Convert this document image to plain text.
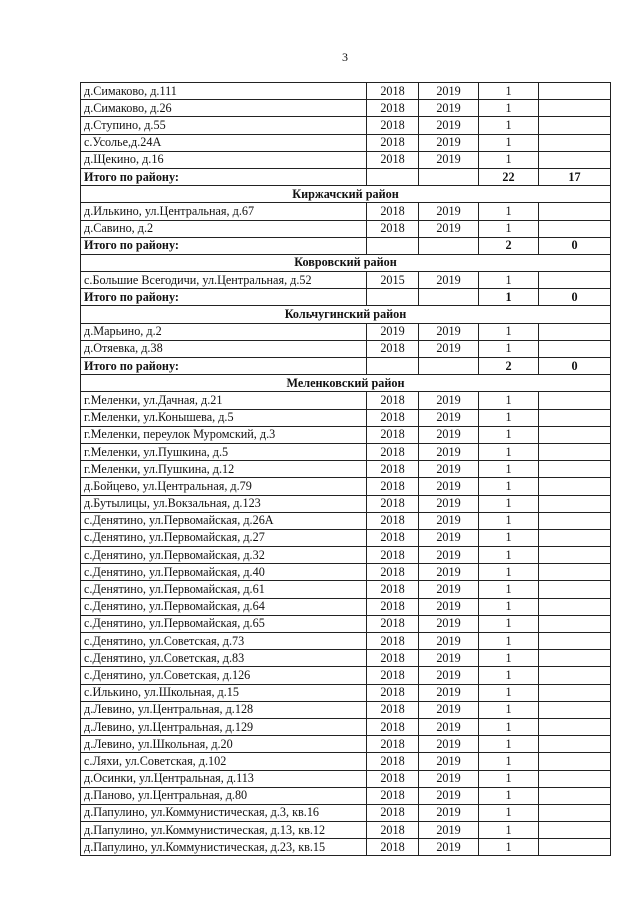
3
д.Симаково, д.111	2018	2019	1	
д.Симаково, д.26	2018	2019	1	
д.Ступино, д.55	2018	2019	1	
с.Усолье,д.24А	2018	2019	1	
д.Щекино, д.16	2018	2019	1	
Итого по району:			22	17
Киржачский район				
д.Илькино, ул.Центральная, д.67	2018	2019	1	
д.Савино, д.2	2018	2019	1	
Итого по району:			2	0
Ковровский район				
с.Большие Всегодичи, ул.Центральная, д.52	2015	2019	1	
Итого по району:			1	0
Кольчугинский район				
д.Марьино, д.2	2019	2019	1	
д.Отяевка, д.38	2018	2019	1	
Итого по району:			2	0
Меленковский район				
г.Меленки, ул.Дачная, д.21	2018	2019	1	
г.Меленки, ул.Конышева, д.5	2018	2019	1	
г.Меленки, переулок Муромский, д.3	2018	2019	1	
г.Меленки, ул.Пушкина, д.5	2018	2019	1	
г.Меленки, ул.Пушкина, д.12	2018	2019	1	
д.Бойцево, ул.Центральная, д.79	2018	2019	1	
д.Бутылицы, ул.Вокзальная, д.123	2018	2019	1	
с.Денятино, ул.Первомайская, д.26А	2018	2019	1	
с.Денятино, ул.Первомайская, д.27	2018	2019	1	
с.Денятино, ул.Первомайская, д.32	2018	2019	1	
с.Денятино, ул.Первомайская, д.40	2018	2019	1	
с.Денятино, ул.Первомайская, д.61	2018	2019	1	
с.Денятино, ул.Первомайская, д.64	2018	2019	1	
с.Денятино, ул.Первомайская, д.65	2018	2019	1	
с.Денятино, ул.Советская, д.73	2018	2019	1	
с.Денятино, ул.Советская, д.83	2018	2019	1	
с.Денятино, ул.Советская, д.126	2018	2019	1	
с.Илькино, ул.Школьная, д.15	2018	2019	1	
д.Левино, ул.Центральная, д.128	2018	2019	1	
д.Левино, ул.Центральная, д.129	2018	2019	1	
д.Левино, ул.Школьная, д.20	2018	2019	1	
с.Ляхи, ул.Советская, д.102	2018	2019	1	
д.Осинки, ул.Центральная, д.113	2018	2019	1	
д.Паново, ул.Центральная, д.80	2018	2019	1	
д.Папулино, ул.Коммунистическая, д.3, кв.16	2018	2019	1	
д.Папулино, ул.Коммунистическая, д.13, кв.12	2018	2019	1	
д.Папулино, ул.Коммунистическая, д.23, кв.15	2018	2019	1	
